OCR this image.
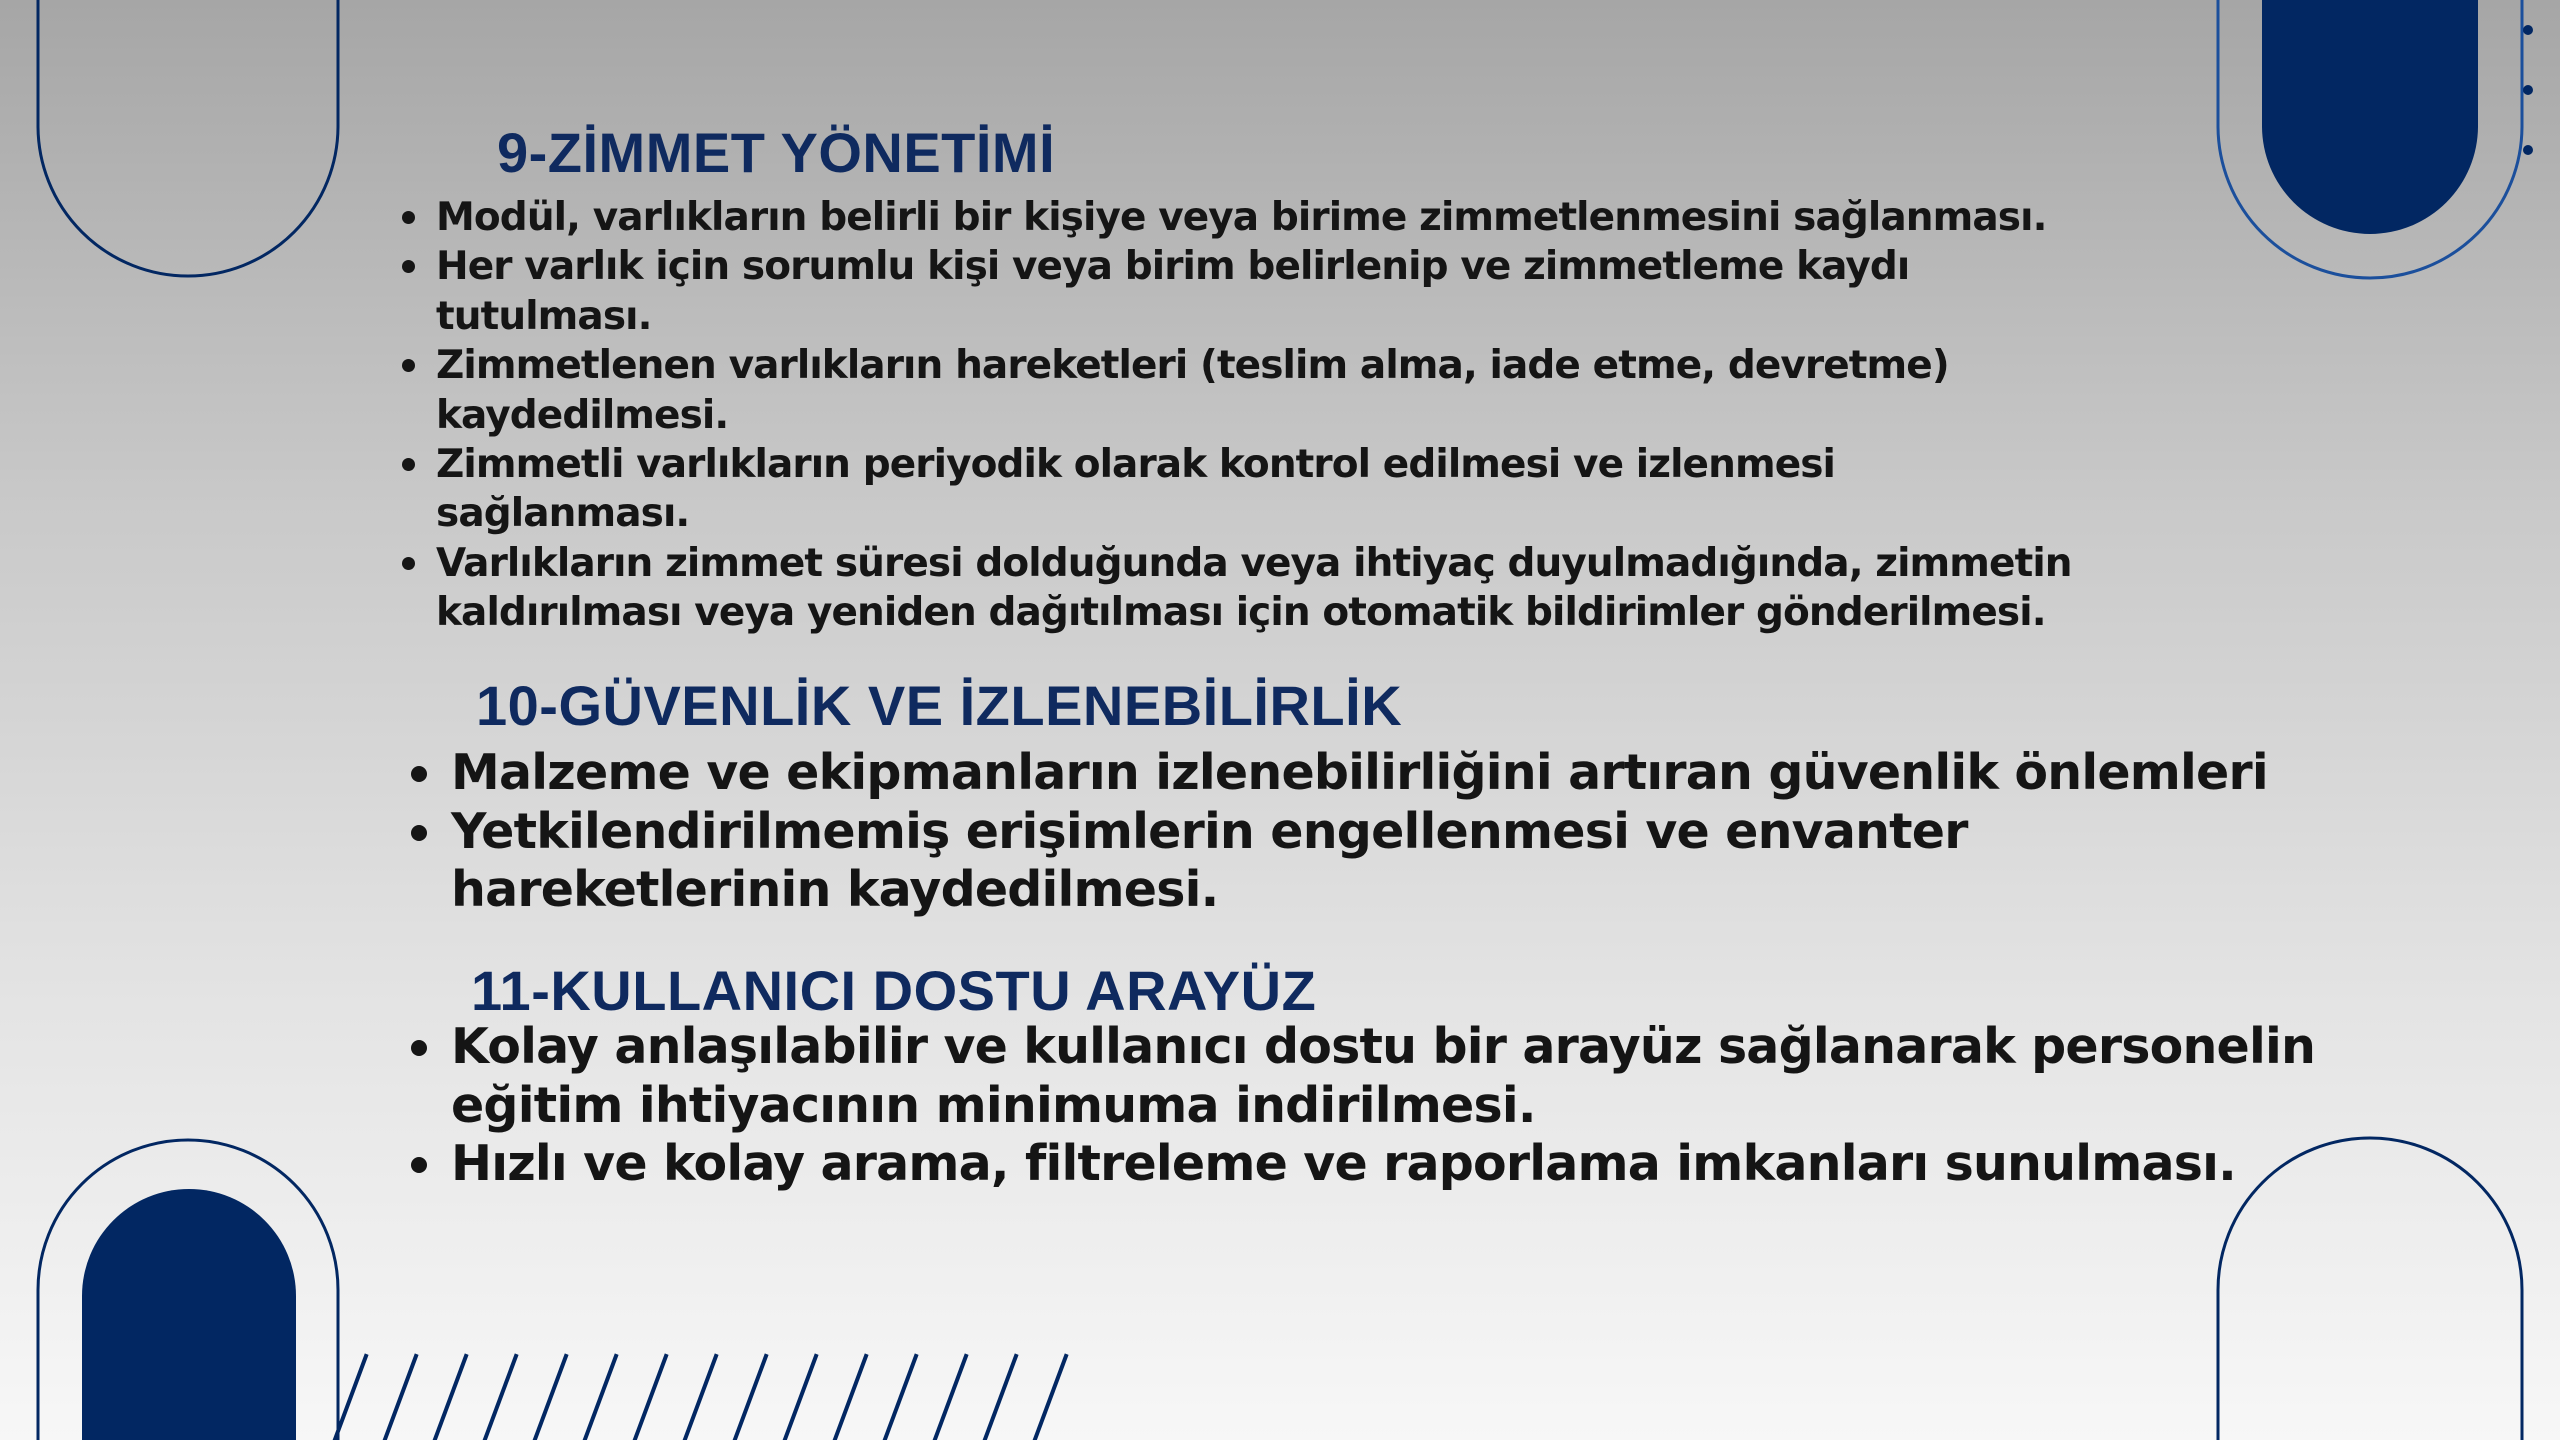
9-ZİMMET YÖNETİMİ
Modül, varlıkların belirli bir kişiye veya birime zimmetlenmesini sağlanması.
Her varlık için sorumlu kişi veya birim belirlenip ve zimmetleme kaydı tutulması.
Zimmetlenen varlıkların hareketleri (teslim alma, iade etme, devretme) kaydedilmesi.
Zimmetli varlıkların periyodik olarak kontrol edilmesi ve izlenmesi sağlanması.
Varlıkların zimmet süresi dolduğunda veya ihtiyaç duyulmadığında, zimmetin kaldırılması veya yeniden dağıtılması için otomatik bildirimler gönderilmesi.
10-GÜVENLİK VE İZLENEBİLİRLİK
Malzeme ve ekipmanların izlenebilirliğini artıran güvenlik önlemleri
Yetkilendirilmemiş erişimlerin engellenmesi ve envanter hareketlerinin kaydedilmesi.
11-KULLANICI DOSTU ARAYÜZ
Kolay anlaşılabilir ve kullanıcı dostu bir arayüz sağlanarak personelin eğitim ihtiyacının minimuma indirilmesi.
Hızlı ve kolay arama, filtreleme ve raporlama imkanları sunulması.
